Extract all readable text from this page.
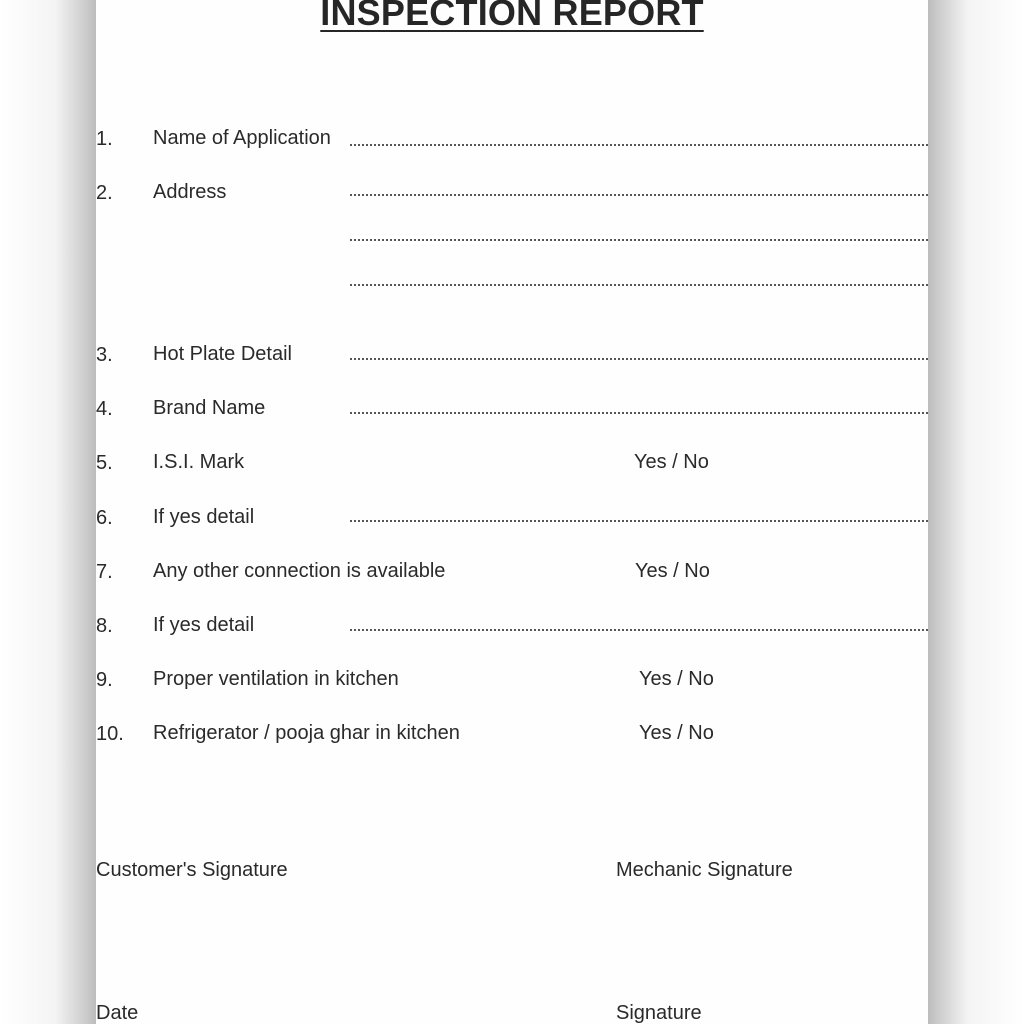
INSPECTION REPORT
1. Name of Application
2. Address
3. Hot Plate Detail
4. Brand Name
5. I.S.I. Mark	Yes / No
6. If yes detail
7. Any other connection is available	Yes / No
8. If yes detail
9. Proper ventilation in kitchen	Yes / No
10. Refrigerator / pooja ghar in kitchen	Yes / No
Customer's Signature	Mechanic Signature
Date	Signature
